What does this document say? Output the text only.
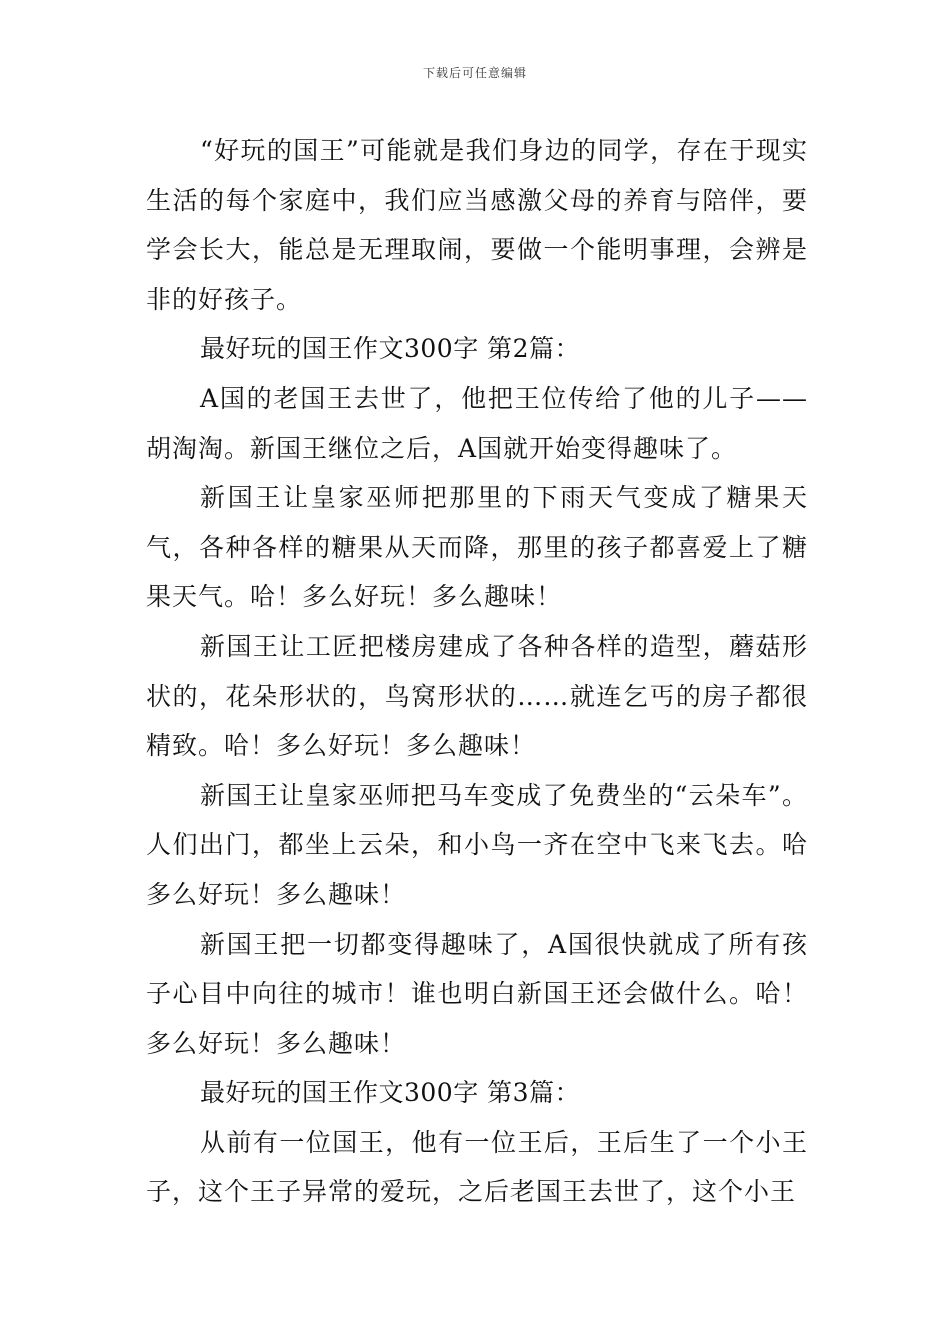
下载后可任意编辑

“好玩的国王”可能就是我们身边的同学，存在于现实生活的每个家庭中，我们应当感激父母的养育与陪伴，要学会长大，能总是无理取闹，要做一个能明事理，会辨是非的好孩子。

最好玩的国王作文300字 第2篇：

A国的老国王去世了，他把王位传给了他的儿子——胡淘淘。新国王继位之后，A国就开始变得趣味了。

新国王让皇家巫师把那里的下雨天气变成了糖果天气，各种各样的糖果从天而降，那里的孩子都喜爱上了糖果天气。哈！多么好玩！多么趣味！

新国王让工匠把楼房建成了各种各样的造型，蘑菇形状的，花朵形状的，鸟窝形状的……就连乞丐的房子都很精致。哈！多么好玩！多么趣味！

新国王让皇家巫师把马车变成了免费坐的“云朵车”。人们出门，都坐上云朵，和小鸟一齐在空中飞来飞去。哈多么好玩！多么趣味！

新国王把一切都变得趣味了，A国很快就成了所有孩子心目中向往的城市！谁也明白新国王还会做什么。哈！多么好玩！多么趣味！

最好玩的国王作文300字 第3篇：

从前有一位国王，他有一位王后，王后生了一个小王子，这个王子异常的爱玩，之后老国王去世了，这个小王
